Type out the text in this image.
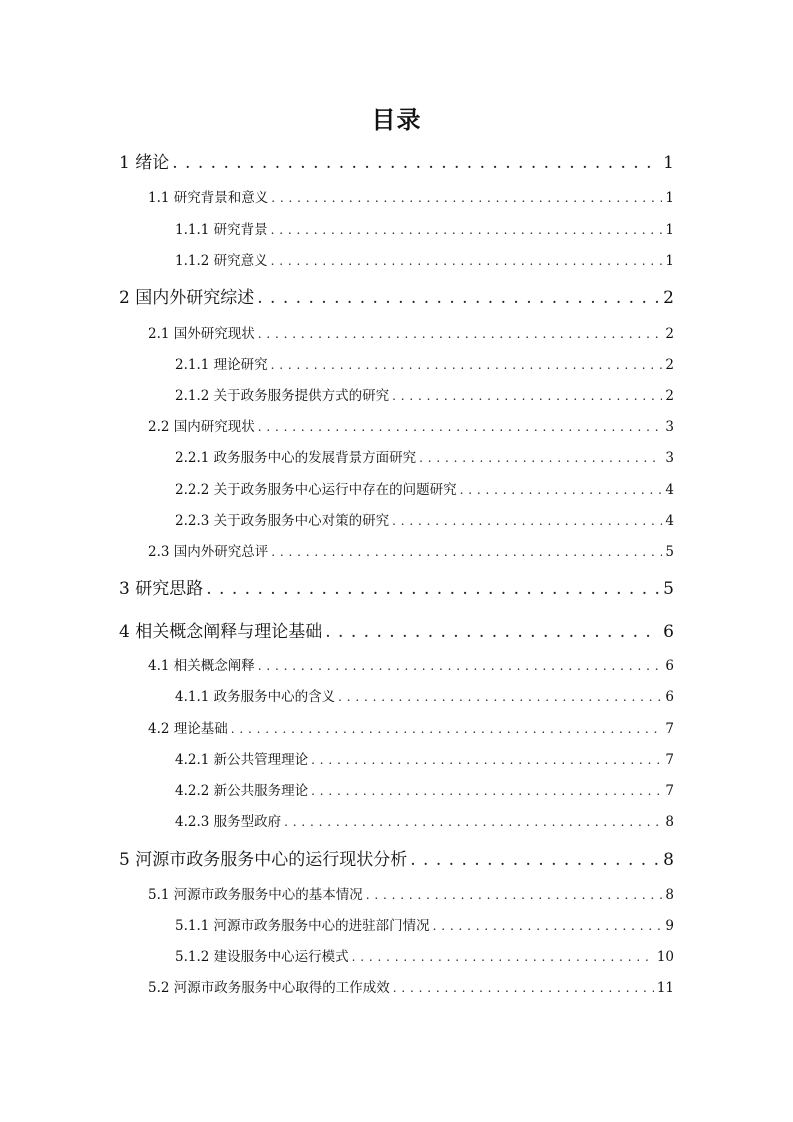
目录
1 绪论 . . .	1
1.1 研究背景和意义 . . .	1
1.1.1 研究背景 . . .	1
1.1.2 研究意义 . . .	1
2 国内外研究综述 . . .	2
2.1 国外研究现状 . . .	2
2.1.1 理论研究 . . .	2
2.1.2 关于政务服务提供方式的研究 . . .	2
2.2 国内研究现状 . . .	3
2.2.1 政务服务中心的发展背景方面研究 . . .	3
2.2.2 关于政务服务中心运行中存在的问题研究 . . .	4
2.2.3 关于政务服务中心对策的研究 . . .	4
2.3 国内外研究总评 . . .	5
3 研究思路 . . .	5
4 相关概念阐释与理论基础 . . .	6
4.1 相关概念阐释 . . .	6
4.1.1 政务服务中心的含义 . . .	6
4.2 理论基础 . . .	7
4.2.1 新公共管理理论 . . .	7
4.2.2 新公共服务理论 . . .	7
4.2.3 服务型政府 . . .	8
5 河源市政务服务中心的运行现状分析 . . .	8
5.1 河源市政务服务中心的基本情况 . . .	8
5.1.1 河源市政务服务中心的进驻部门情况 . . .	9
5.1.2 建设服务中心运行模式 . . .	10
5.2 河源市政务服务中心取得的工作成效 . . .	11
